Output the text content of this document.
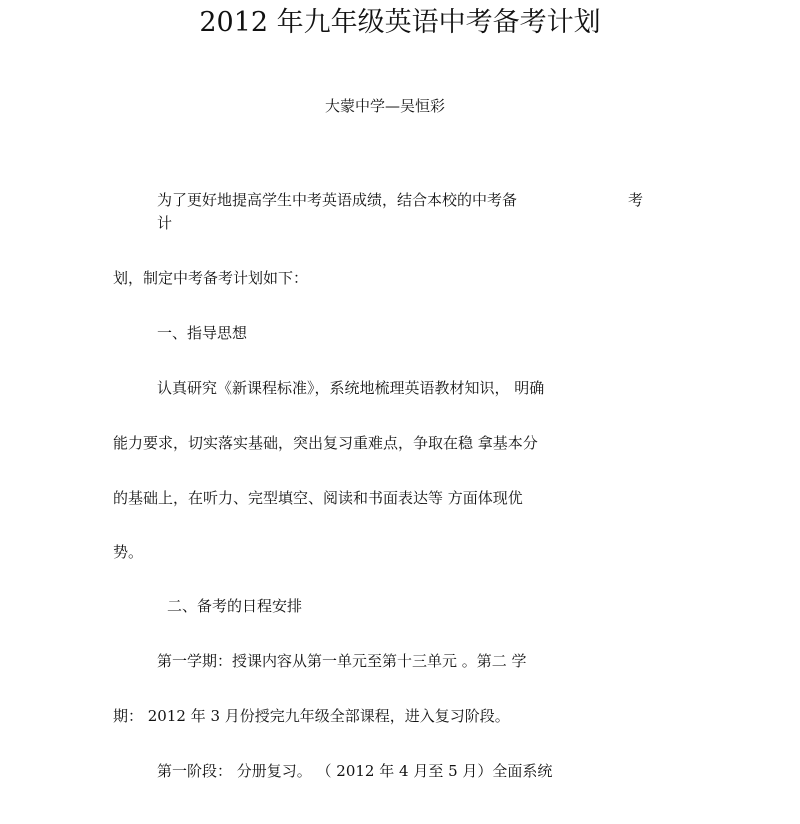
2012 年九年级英语中考备考计划
大蒙中学—吴恒彩
为了更好地提高学生中考英语成绩，结合本校的中考备	考
计
划，制定中考备考计划如下：
一、指导思想
认真研究《新课程标准》，系统地梳理英语教材知识， 明确
能力要求，切实落实基础，突出复习重难点，争取在稳 拿基本分
的基础上，在听力、完型填空、阅读和书面表达等 方面体现优
势。
二、备考的日程安排
第一学期：授课内容从第一单元至第十三单元 。第二 学
期： 2012 年 3 月份授完九年级全部课程，进入复习阶段。
第一阶段： 分册复习。 （ 2012 年 4 月至 5 月）全面系统
